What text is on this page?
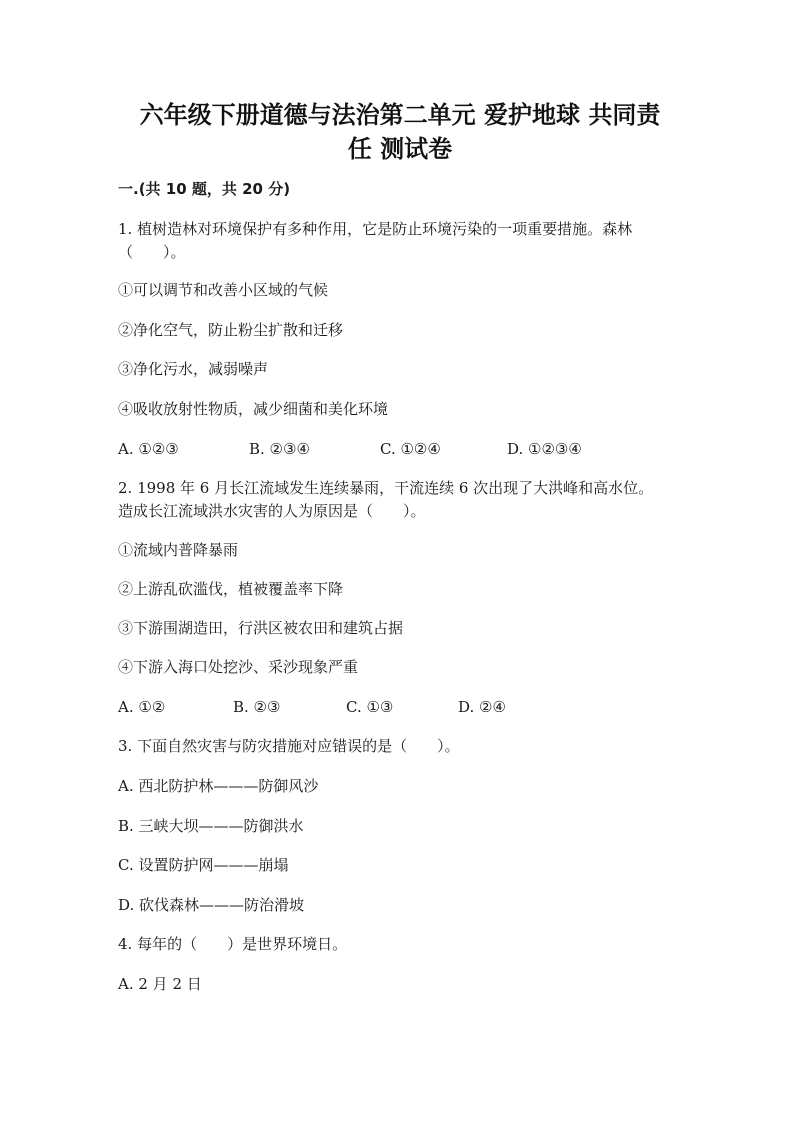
六年级下册道德与法治第二单元 爱护地球 共同责
任 测试卷
一.(共 10 题，共 20 分)
1. 植树造林对环境保护有多种作用，它是防止环境污染的一项重要措施。森林
（　　）。
①可以调节和改善小区域的气候
②净化空气，防止粉尘扩散和迁移
③净化污水，减弱噪声
④吸收放射性物质，减少细菌和美化环境
A. ①②③	B. ②③④	C. ①②④	D. ①②③④
2. 1998 年 6 月长江流域发生连续暴雨，干流连续 6 次出现了大洪峰和高水位。
造成长江流域洪水灾害的人为原因是（　　）。
①流域内普降暴雨
②上游乱砍滥伐，植被覆盖率下降
③下游围湖造田，行洪区被农田和建筑占据
④下游入海口处挖沙、采沙现象严重
A. ①②	B. ②③	C. ①③	D. ②④
3. 下面自然灾害与防灾措施对应错误的是（　　）。
A. 西北防护林———防御风沙
B. 三峡大坝———防御洪水
C. 设置防护网———崩塌
D. 砍伐森林———防治滑坡
4. 每年的（　　）是世界环境日。
A. 2 月 2 日
